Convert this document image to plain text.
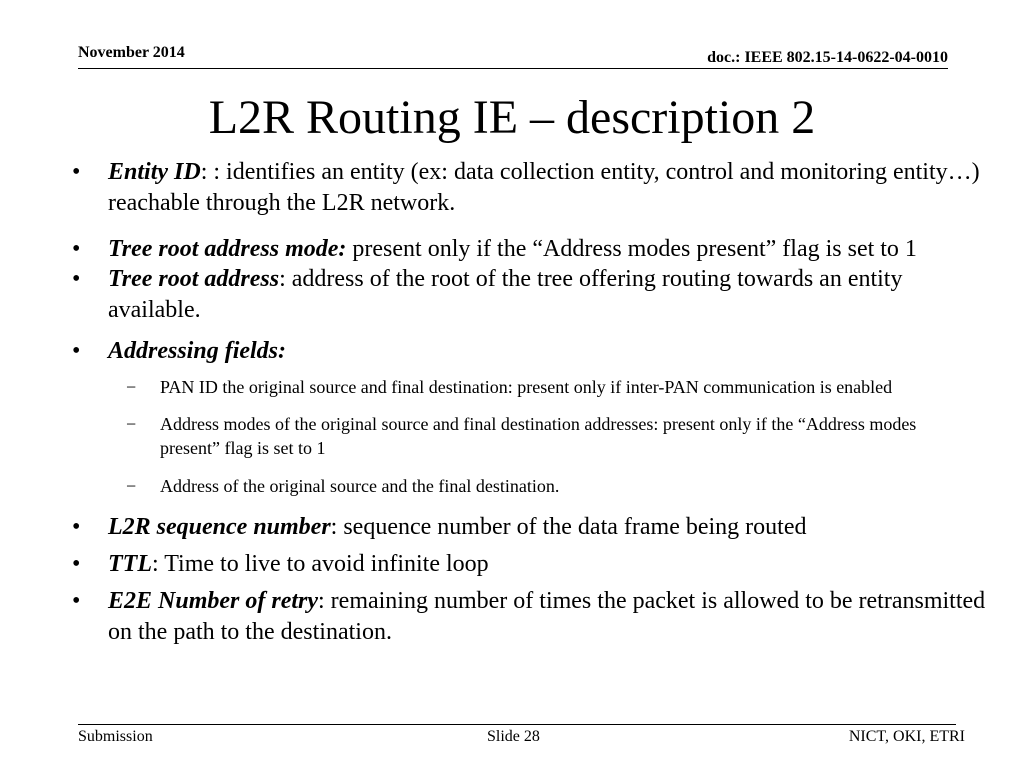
November 2014	doc.: IEEE 802.15-14-0622-04-0010
L2R Routing IE – description 2
• Entity ID: : identifies an entity (ex: data collection entity, control and monitoring entity…) reachable through the L2R network.
• Tree root address mode: present only if the “Address modes present” flag is set to 1
• Tree root address: address of the root of the tree offering routing towards an entity available.
• Addressing fields:
− PAN ID the original source and final destination: present only if inter-PAN communication is enabled
− Address modes of the original source and final destination addresses: present only if the “Address modes present” flag is set to 1
− Address of the original source and the final destination.
• L2R sequence number: sequence number of the data frame being routed
• TTL: Time to live to avoid infinite loop
• E2E Number of retry: remaining number of times the packet is allowed to be retransmitted on the path to the destination.
Submission	Slide 28	NICT, OKI, ETRI
